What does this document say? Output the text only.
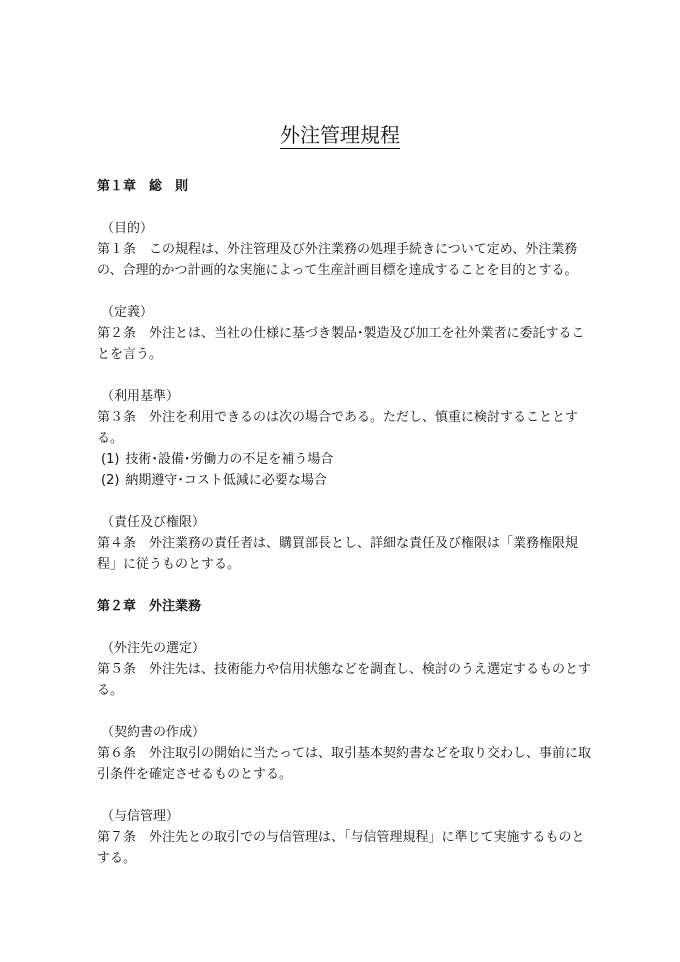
外注管理規程

第１章 総　則

（目的）

第１条 この規程は、外注管理及び外注業務の処理手続きについて定め、外注業務の、合理的かつ計画的な実施によって生産計画目標を達成することを目的とする。

（定義）

第２条 外注とは、当社の仕様に基づき製品･製造及び加工を社外業者に委託することを言う。

（利用基準）

第３条 外注を利用できるのは次の場合である。ただし、慎重に検討することとする。

(1) 技術･設備･労働力の不足を補う場合

(2) 納期遵守･コスト低減に必要な場合

（責任及び権限）

第４条 外注業務の責任者は、購買部長とし、詳細な責任及び権限は「業務権限規程」に従うものとする。

第２章 外注業務

（外注先の選定）

第５条 外注先は、技術能力や信用状態などを調査し、検討のうえ選定するものとする。

（契約書の作成）

第６条 外注取引の開始に当たっては、取引基本契約書などを取り交わし、事前に取引条件を確定させるものとする。

（与信管理）

第７条 外注先との取引での与信管理は、「与信管理規程」に準じて実施するものとする。
